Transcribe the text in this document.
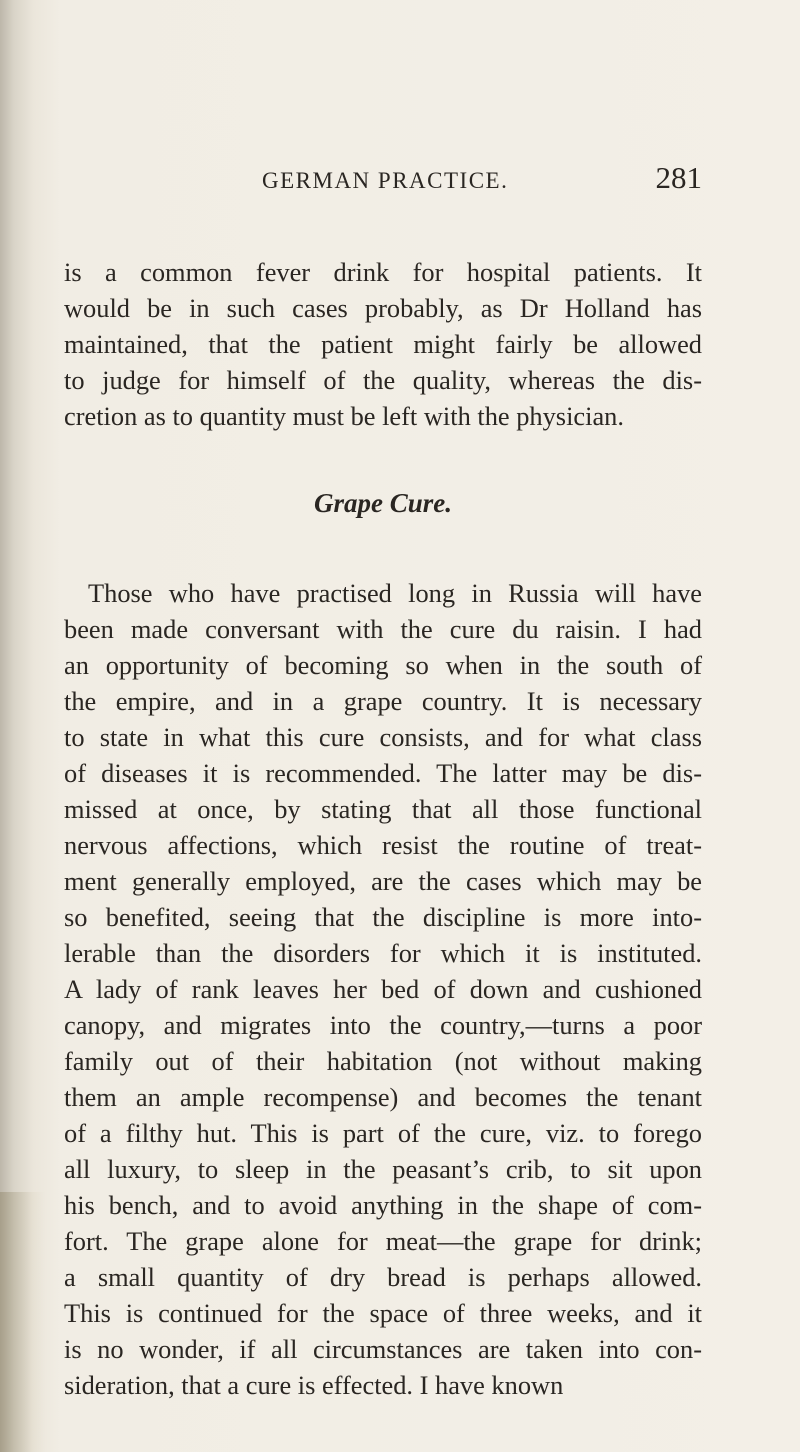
GERMAN PRACTICE.	281

is a common fever drink for hospital patients. It

would be in such cases probably, as Dr Holland has

maintained, that the patient might fairly be allowed

to judge for himself of the quality, whereas the dis-

cretion as to quantity must be left with the physician.

Grape Cure.

Those who have practised long in Russia will have

been made conversant with the cure du raisin. I had

an opportunity of becoming so when in the south of

the empire, and in a grape country. It is necessary

to state in what this cure consists, and for what class

of diseases it is recommended. The latter may be dis-

missed at once, by stating that all those functional

nervous affections, which resist the routine of treat-

ment generally employed, are the cases which may be

so benefited, seeing that the discipline is more into-

lerable than the disorders for which it is instituted.

A lady of rank leaves her bed of down and cushioned

canopy, and migrates into the country,—turns a poor

family out of their habitation (not without making

them an ample recompense) and becomes the tenant

of a filthy hut. This is part of the cure, viz. to forego

all luxury, to sleep in the peasant’s crib, to sit upon

his bench, and to avoid anything in the shape of com-

fort. The grape alone for meat—the grape for drink;

a small quantity of dry bread is perhaps allowed.

This is continued for the space of three weeks, and it

is no wonder, if all circumstances are taken into con-

sideration, that a cure is effected. I have known
